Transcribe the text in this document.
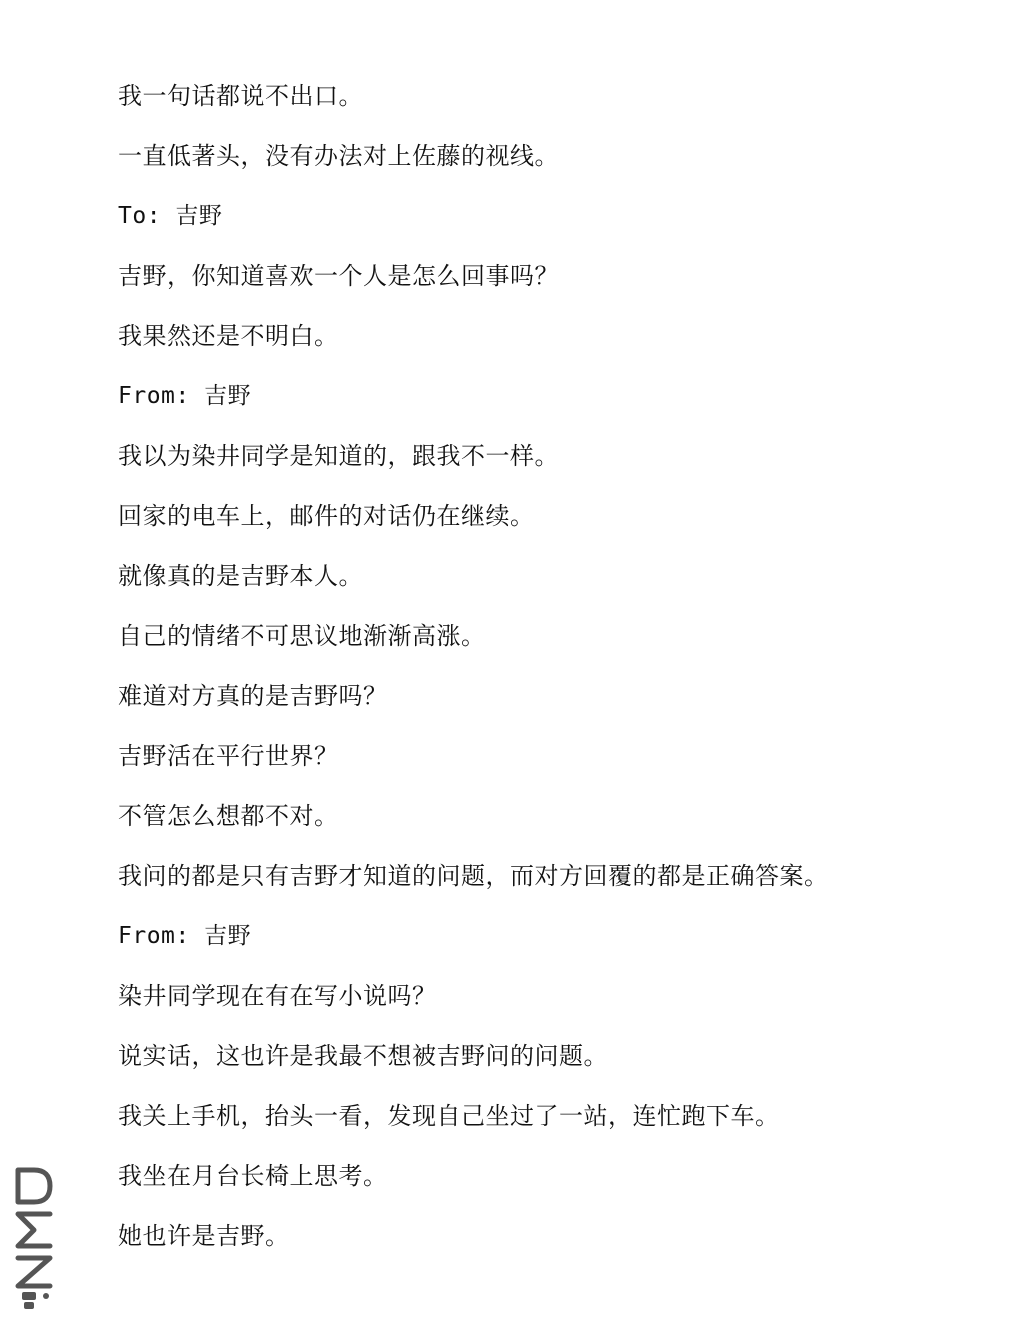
我一句话都说不出口。
一直低著头，没有办法对上佐藤的视线。
To: 吉野
吉野，你知道喜欢一个人是怎么回事吗？
我果然还是不明白。
From: 吉野
我以为染井同学是知道的，跟我不一样。
回家的电车上，邮件的对话仍在继续。
就像真的是吉野本人。
自己的情绪不可思议地渐渐高涨。
难道对方真的是吉野吗？
吉野活在平行世界？
不管怎么想都不对。
我问的都是只有吉野才知道的问题，而对方回覆的都是正确答案。
From: 吉野
染井同学现在有在写小说吗？
说实话，这也许是我最不想被吉野问的问题。
我关上手机，抬头一看，发现自己坐过了一站，连忙跑下车。
我坐在月台长椅上思考。
她也许是吉野。
